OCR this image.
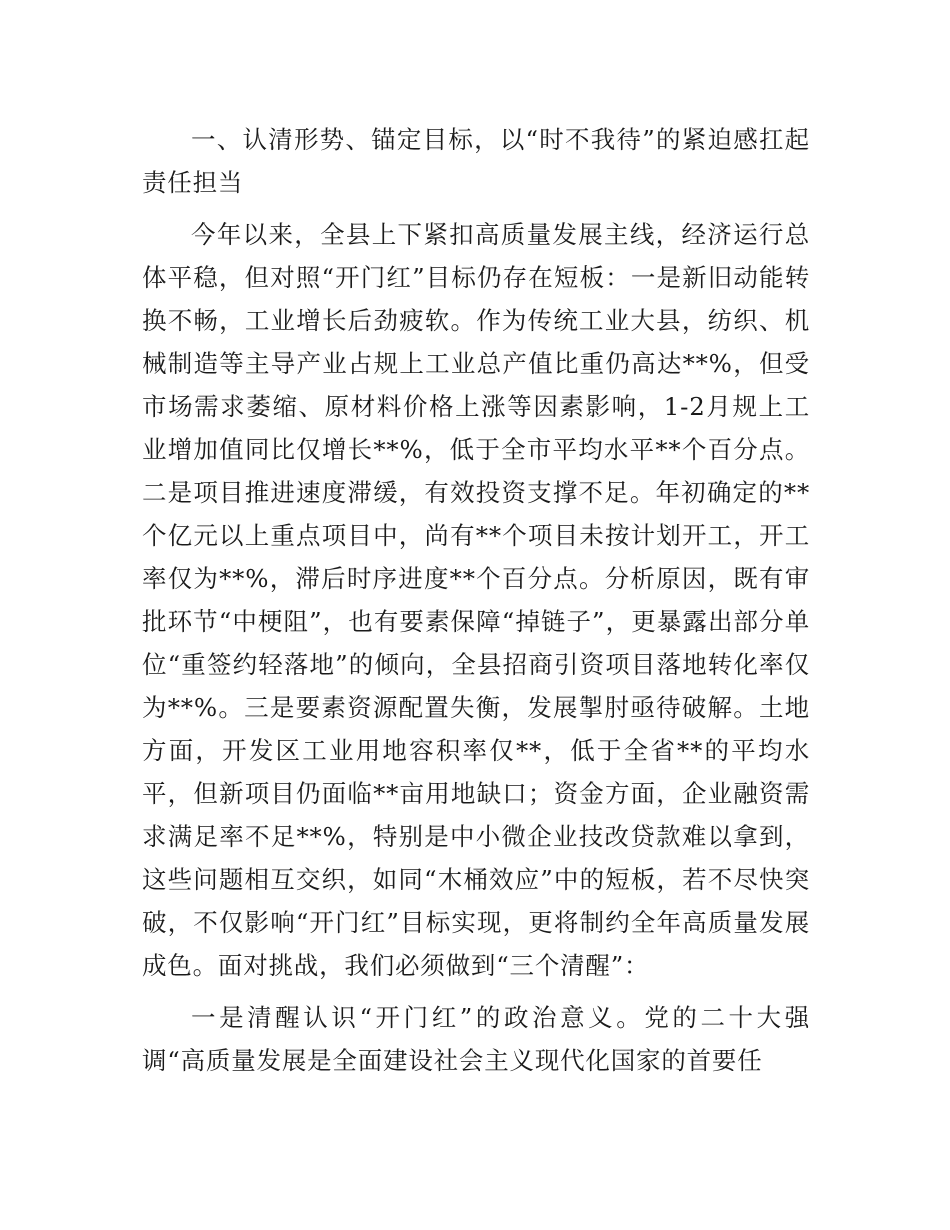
一、认清形势、锚定目标，以“时不我待”的紧迫感扛起责任担当

今年以来，全县上下紧扣高质量发展主线，经济运行总体平稳，但对照“开门红”目标仍存在短板：一是新旧动能转换不畅，工业增长后劲疲软。作为传统工业大县，纺织、机械制造等主导产业占规上工业总产值比重仍高达**%，但受市场需求萎缩、原材料价格上涨等因素影响，1-2月规上工业增加值同比仅增长**%，低于全市平均水平**个百分点。二是项目推进速度滞缓，有效投资支撑不足。年初确定的**个亿元以上重点项目中，尚有**个项目未按计划开工，开工率仅为**%，滞后时序进度**个百分点。分析原因，既有审批环节“中梗阻”，也有要素保障“掉链子”，更暴露出部分单位“重签约轻落地”的倾向，全县招商引资项目落地转化率仅为**%。三是要素资源配置失衡，发展掣肘亟待破解。土地方面，开发区工业用地容积率仅**，低于全省**的平均水平，但新项目仍面临**亩用地缺口；资金方面，企业融资需求满足率不足**%，特别是中小微企业技改贷款难以拿到，这些问题相互交织，如同“木桶效应”中的短板，若不尽快突破，不仅影响“开门红”目标实现，更将制约全年高质量发展成色。面对挑战，我们必须做到“三个清醒”：

一是清醒认识“开门红”的政治意义。党的二十大强调“高质量发展是全面建设社会主义现代化国家的首要任
